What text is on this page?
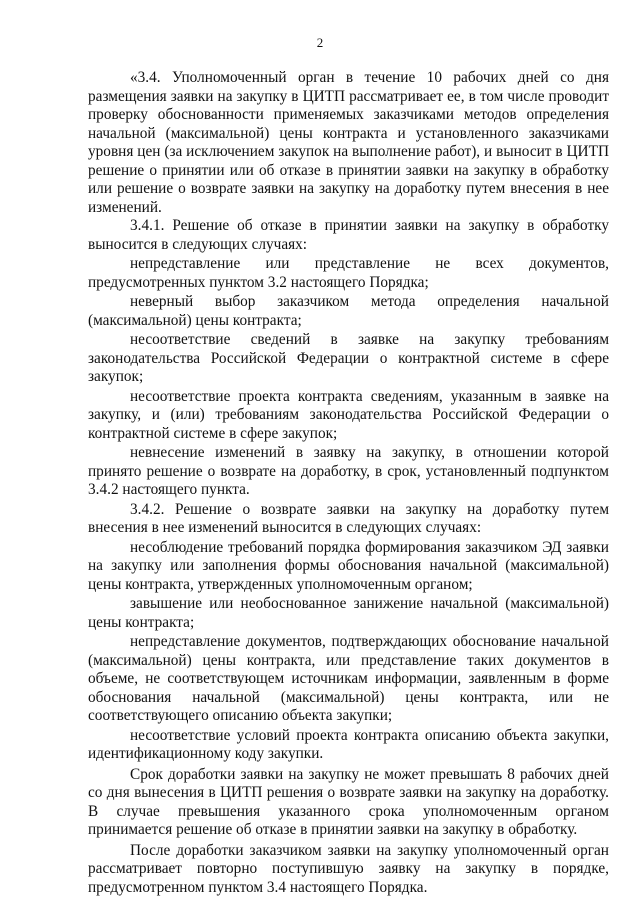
2

«3.4. Уполномоченный орган в течение 10 рабочих дней со дня размещения заявки на закупку в ЦИТП рассматривает ее, в том числе проводит проверку обоснованности применяемых заказчиками методов определения начальной (максимальной) цены контракта и установленного заказчиками уровня цен (за исключением закупок на выполнение работ), и выносит в ЦИТП решение о принятии или об отказе в принятии заявки на закупку в обработку или решение о возврате заявки на закупку на доработку путем внесения в нее изменений.

3.4.1. Решение об отказе в принятии заявки на закупку в обработку выносится в следующих случаях:

непредставление или представление не всех документов, предусмотренных пунктом 3.2 настоящего Порядка;

неверный выбор заказчиком метода определения начальной (максимальной) цены контракта;

несоответствие сведений в заявке на закупку требованиям законодательства Российской Федерации о контрактной системе в сфере закупок;

несоответствие проекта контракта сведениям, указанным в заявке на закупку, и (или) требованиям законодательства Российской Федерации о контрактной системе в сфере закупок;

невнесение изменений в заявку на закупку, в отношении которой принято решение о возврате на доработку, в срок, установленный подпунктом 3.4.2 настоящего пункта.

3.4.2. Решение о возврате заявки на закупку на доработку путем внесения в нее изменений выносится в следующих случаях:

несоблюдение требований порядка формирования заказчиком ЭД заявки на закупку или заполнения формы обоснования начальной (максимальной) цены контракта, утвержденных уполномоченным органом;

завышение или необоснованное занижение начальной (максимальной) цены контракта;

непредставление документов, подтверждающих обоснование начальной (максимальной) цены контракта, или представление таких документов в объеме, не соответствующем источникам информации, заявленным в форме обоснования начальной (максимальной) цены контракта, или не соответствующего описанию объекта закупки;

несоответствие условий проекта контракта описанию объекта закупки, идентификационному коду закупки.

Срок доработки заявки на закупку не может превышать 8 рабочих дней со дня вынесения в ЦИТП решения о возврате заявки на закупку на доработку. В случае превышения указанного срока уполномоченным органом принимается решение об отказе в принятии заявки на закупку в обработку.

После доработки заказчиком заявки на закупку уполномоченный орган рассматривает повторно поступившую заявку на закупку в порядке, предусмотренном пунктом 3.4 настоящего Порядка.
